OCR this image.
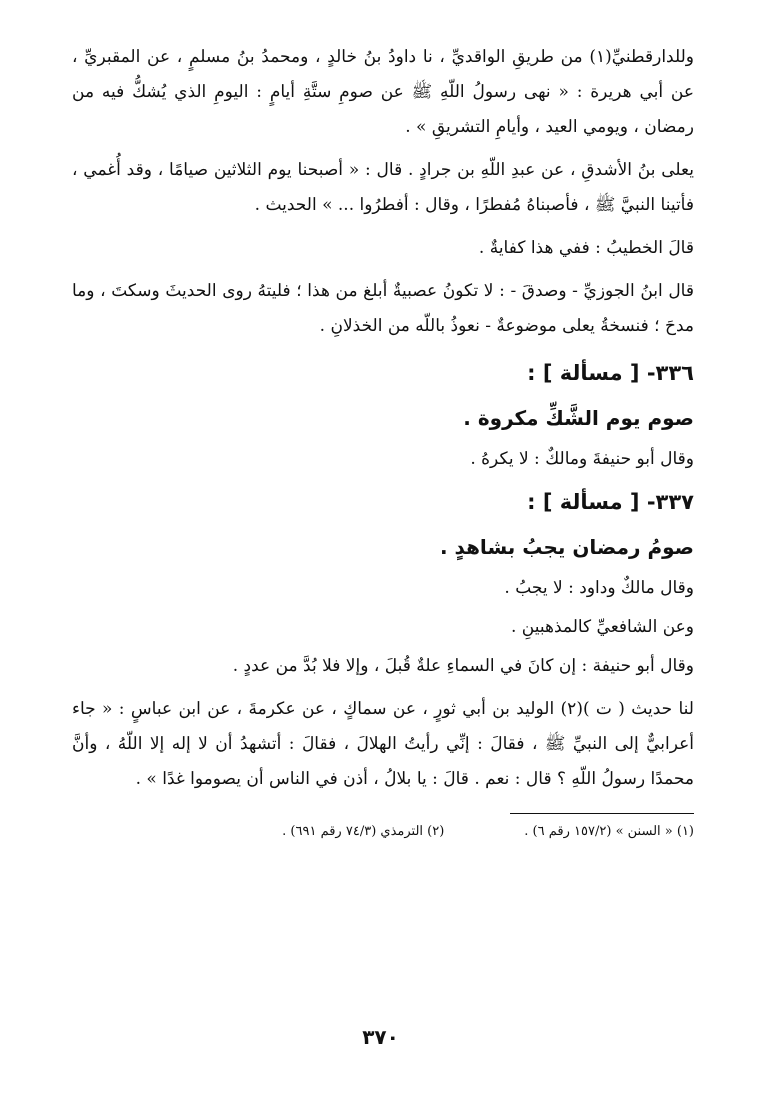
وللدارقطنيِّ(١) من طريقِ الواقديِّ ، نا داودُ بنُ خالدٍ ، ومحمدُ بنُ مسلمٍ ، عن المقبريِّ ، عن أبي هريرة : « نهى رسولُ اللّهِ ﷺ عن صومِ ستَّةِ أيامٍ : اليومِ الذي يُشكُّ فيه من رمضان ، ويومي العيد ، وأيامِ التشريقِ » .

يعلى بنُ الأشدقِ ، عن عبدِ اللّهِ بن جرادٍ . قال : « أصبحنا يوم الثلاثين صيامًا ، وقد أُغمي ، فأتينا النبيَّ ﷺ ، فأصبناهُ مُفطرًا ، وقال : أفطرُوا ... » الحديث .

قالَ الخطيبُ : ففي هذا كفايةٌ .

قال ابنُ الجوزيِّ - وصدقَ - : لا تكونُ عصبيةٌ أبلغ من هذا ؛ فليتهُ روى الحديثَ وسكتَ ، وما مدحَ ؛ فنسخةُ يعلى موضوعةٌ - نعوذُ باللّه من الخذلانِ .

٣٣٦- [ مسألة ] :
صوم يوم الشَّكِّ مكروة .

وقال أبو حنيفةَ ومالكٌ : لا يكرهُ .

٣٣٧- [ مسألة ] :
صومُ رمضان يجبُ بشاهدٍ .

وقال مالكٌ وداود : لا يجبُ .

وعن الشافعيِّ كالمذهبينِ .

وقال أبو حنيفة : إن كانَ في السماءِ علةٌ قُبلَ ، وإلا فلا بُدَّ من عددٍ .

لنا حديث ( ت )(٢) الوليد بن أبي ثورٍ ، عن سماكٍ ، عن عكرمةَ ، عن ابن عباسٍ : « جاء أعرابيٌّ إلى النبيِّ ﷺ ، فقالَ : إنِّي رأيتُ الهلالَ ، فقالَ : أتشهدُ أن لا إله إلا اللّهُ ، وأنَّ محمدًا رسولُ اللّهِ ؟ قال : نعم . قالَ : يا بلالُ ، أذن في الناس أن يصوموا غدًا » .

(١) « السنن » (١٥٧/٢ رقم ٦) .
(٢) الترمذي (٧٤/٣ رقم ٦٩١) .
٣٧٠
